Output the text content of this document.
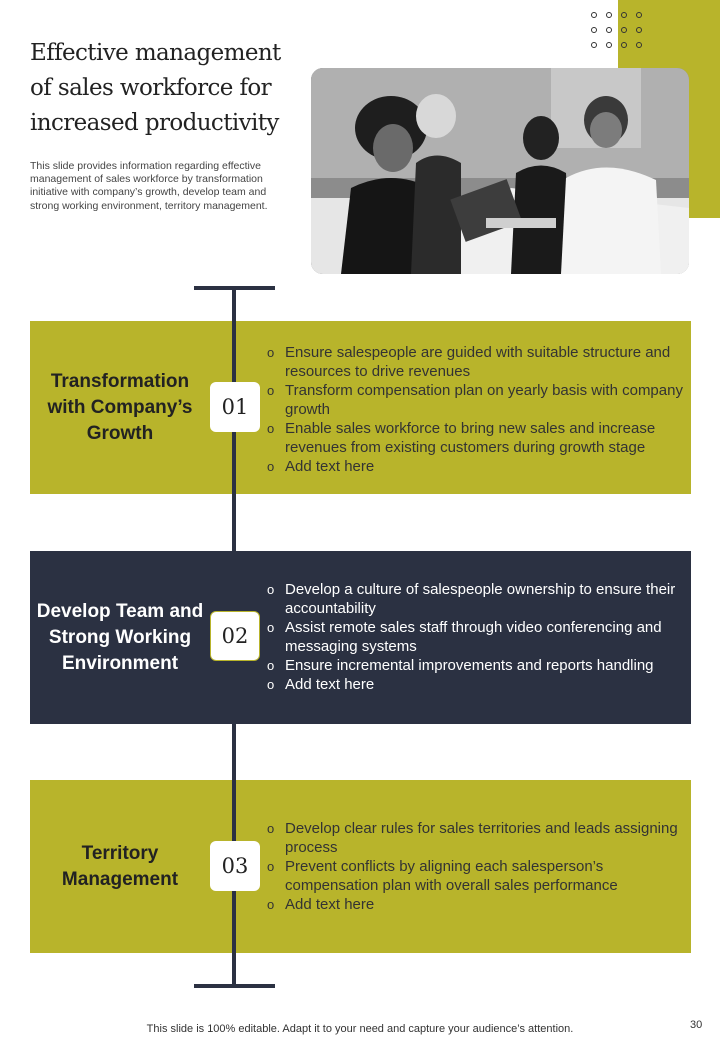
Effective management
of sales workforce for
increased productivity

This slide provides information regarding effective management of sales workforce by transformation initiative with company’s growth, develop team and strong working environment, territory management.

Transformation with Company’s Growth
o Ensure salespeople are guided with suitable structure and resources to drive revenues
o Transform compensation plan on yearly basis with company growth
o Enable sales workforce to bring new sales and increase revenues from existing customers during growth stage
o Add text here
01
Develop Team and Strong Working Environment
o Develop a culture of salespeople ownership to ensure their accountability
o Assist remote sales staff through video conferencing and messaging systems
o Ensure incremental improvements and reports handling
o Add text here
02
Territory Management
o Develop clear rules for sales territories and leads assigning process
o Prevent conflicts by aligning each salesperson’s compensation plan with overall sales performance
o Add text here
03
This slide is 100% editable. Adapt it to your need and capture your audience’s attention.	30
